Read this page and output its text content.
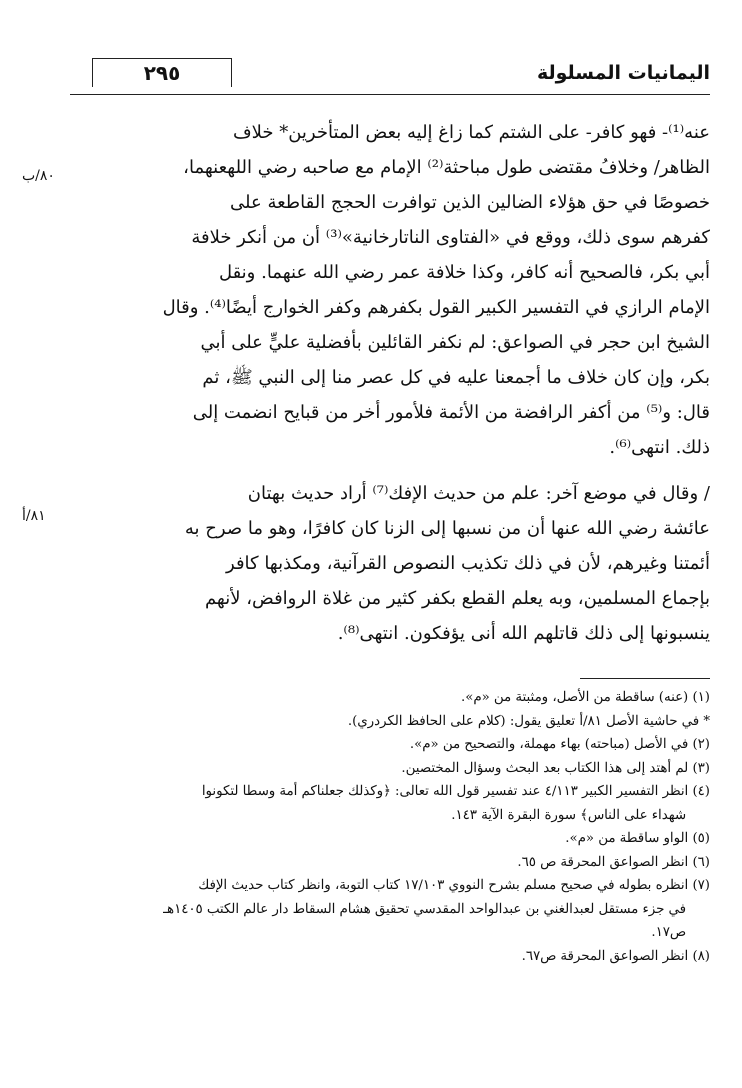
٢٩٥	اليمانيات المسلولة
٨٠/ب
٨١/أ

عنه⁽¹⁾- فهو كافر- على الشتم كما زاغ إليه بعض المتأخرين* خلاف
الظاهر/ وخلافُ مقتضى طول مباحثة⁽²⁾ الإمام مع صاحبه رضي اللهعنهما،
خصوصًا في حق هؤلاء الضالين الذين توافرت الحجج القاطعة على
كفرهم سوى ذلك، ووقع في «الفتاوى الناتارخانية»⁽³⁾ أن من أنكر خلافة
أبي بكر، فالصحيح أنه كافر، وكذا خلافة عمر رضي الله عنهما. ونقل
الإمام الرازي في التفسير الكبير القول بكفرهم وكفر الخوارج أيضًا⁽⁴⁾. وقال
الشيخ ابن حجر في الصواعق: لم نكفر القائلين بأفضلية عليٍّ على أبي
بكر، وإن كان خلاف ما أجمعنا عليه في كل عصر منا إلى النبي ﷺ، ثم
قال: و⁽⁵⁾ من أكفر الرافضة من الأئمة فلأمور أخر من قبايح انضمت إلى
ذلك. انتهى⁽⁶⁾.

/ وقال في موضع آخر: علم من حديث الإفك⁽⁷⁾ أراد حديث بهتان
عائشة رضي الله عنها أن من نسبها إلى الزنا كان كافرًا، وهو ما صرح به
أئمتنا وغيرهم، لأن في ذلك تكذيب النصوص القرآنية، ومكذبها كافر
بإجماع المسلمين، وبه يعلم القطع بكفر كثير من غلاة الروافض، لأنهم
ينسبونها إلى ذلك قاتلهم الله أنى يؤفكون. انتهى⁽⁸⁾.

(١) (عنه) ساقطة من الأصل، ومثبتة من «م».
* في حاشية الأصل ٨١/أ تعليق يقول: (كلام على الحافظ الكردري).
(٢) في الأصل (مباحته) بهاء مهملة، والتصحيح من «م».
(٣) لم أهتد إلى هذا الكتاب بعد البحث وسؤال المختصين.
(٤) انظر التفسير الكبير ٤/١١٣ عند تفسير قول الله تعالى: ﴿وكذلك جعلناكم أمة وسطا لتكونوا
شهداء على الناس﴾ سورة البقرة الآية ١٤٣.
(٥) الواو ساقطة من «م».
(٦) انظر الصواعق المحرقة ص ٦٥.
(٧) انظره بطوله في صحيح مسلم بشرح النووي ١٧/١٠٣ كتاب التوبة، وانظر كتاب حديث الإفك
في جزء مستقل لعبدالغني بن عبدالواحد المقدسي تحقيق هشام السقاط دار عالم الكتب ١٤٠٥هـ
ص١٧.
(٨) انظر الصواعق المحرقة ص٦٧.
